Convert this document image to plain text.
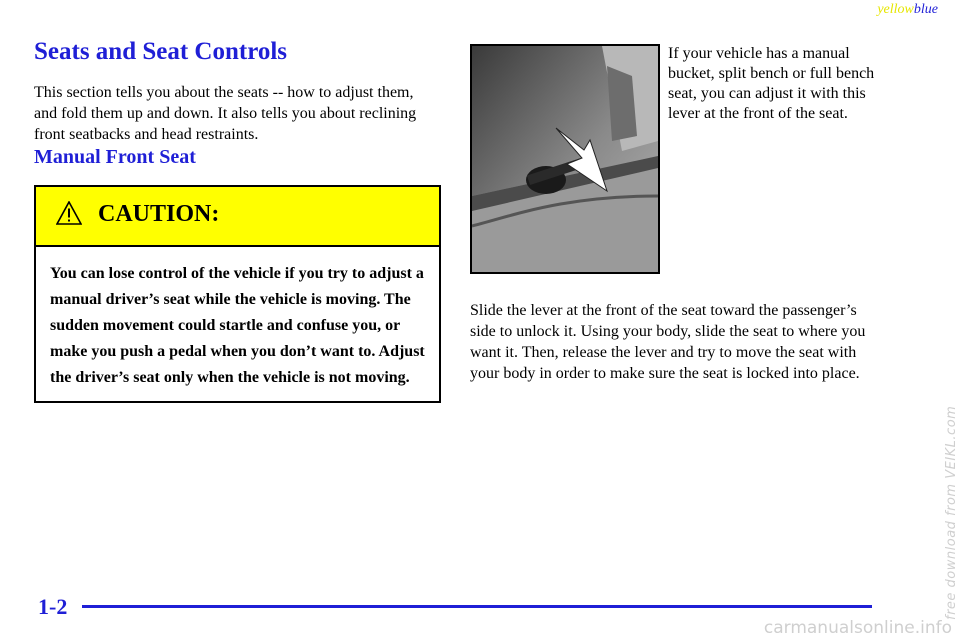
yellowblue
Seats and Seat Controls

This section tells you about the seats -- how to adjust them, and fold them up and down. It also tells you about reclining front seatbacks and head restraints.

Manual Front Seat
CAUTION:

You can lose control of the vehicle if you try to adjust a manual driver’s seat while the vehicle is moving. The sudden movement could startle and confuse you, or make you push a pedal when you don’t want to. Adjust the driver’s seat only when the vehicle is not moving.

If your vehicle has a manual bucket, split bench or full bench seat, you can adjust it with this lever at the front of the seat.

Slide the lever at the front of the seat toward the passenger’s side to unlock it. Using your body, slide the seat to where you want it. Then, release the lever and try to move the seat with your body in order to make sure the seat is locked into place.

1-2	free download from VEIKL.com
carmanualsonline.info
